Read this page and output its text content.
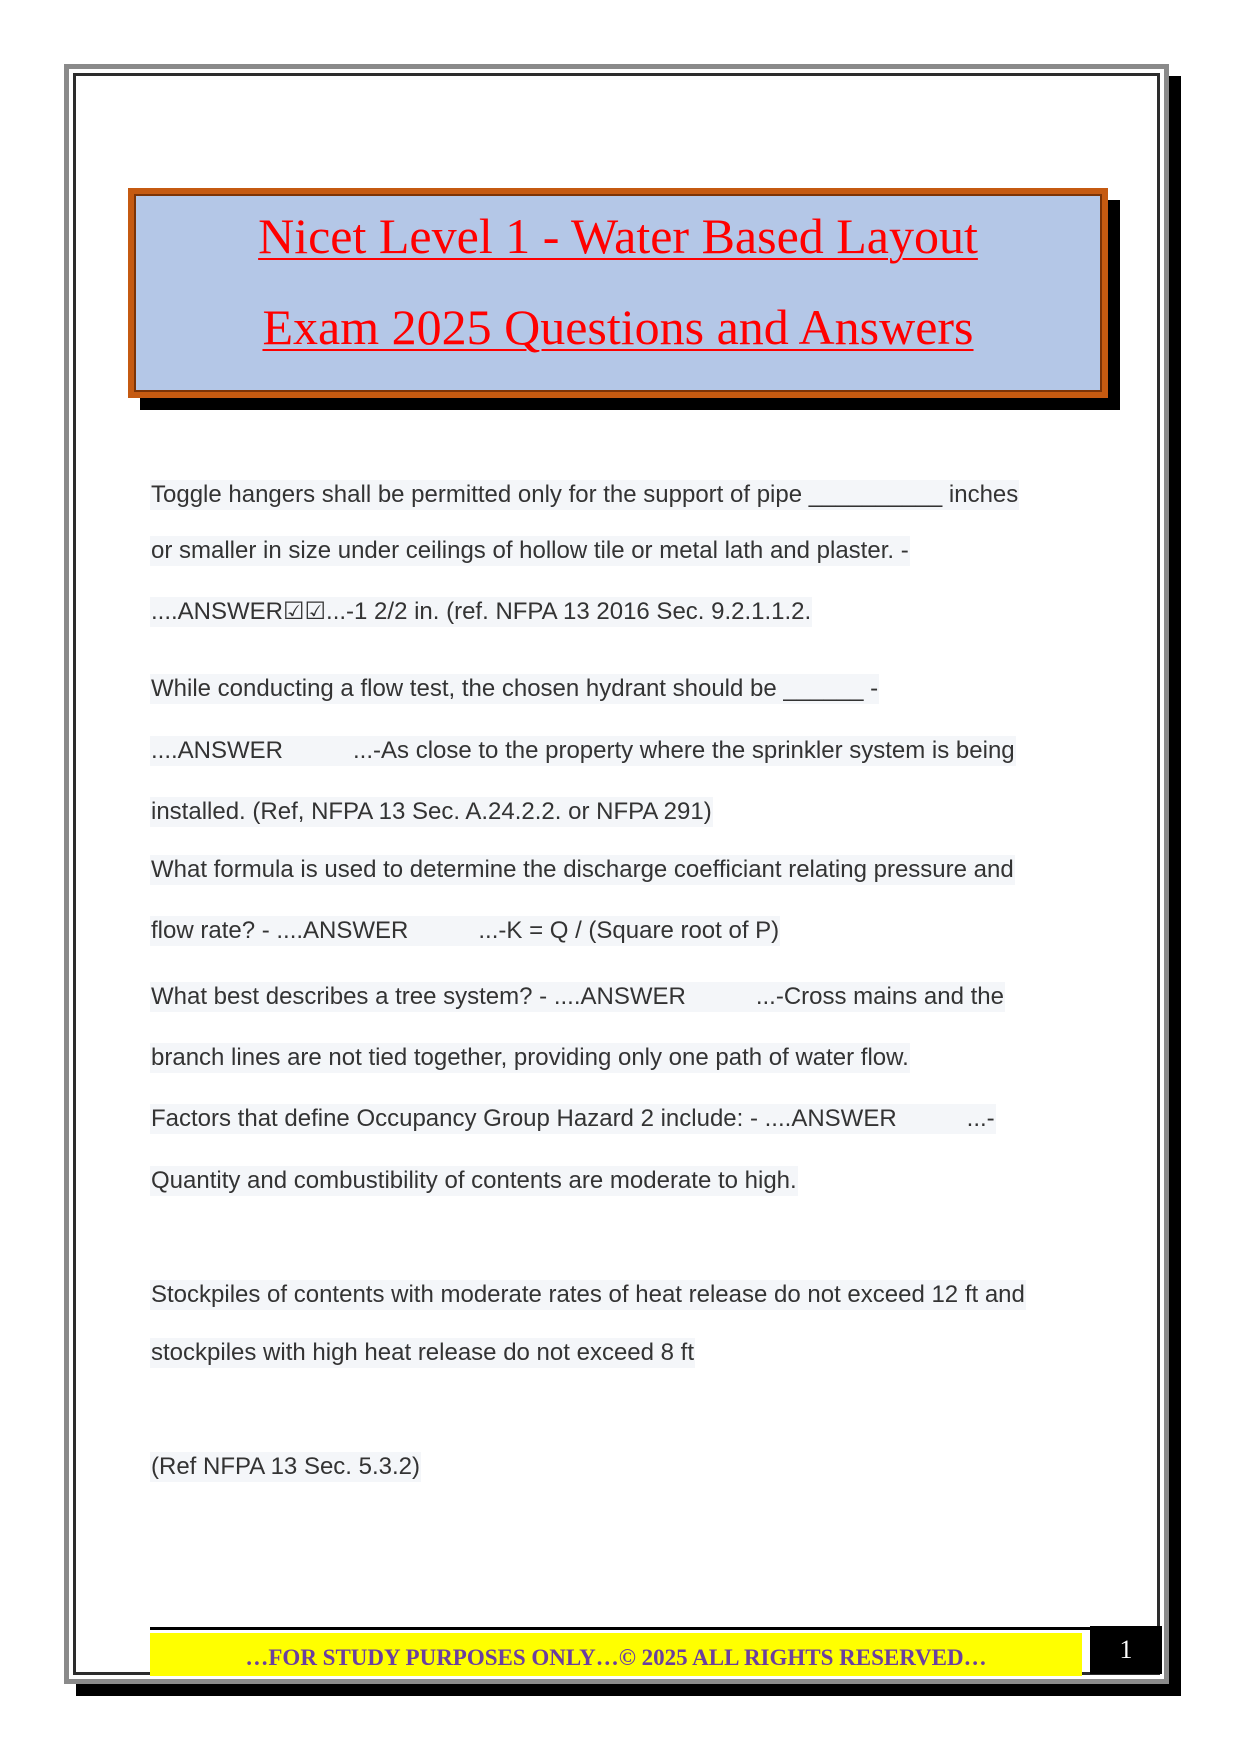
Nicet Level 1 - Water Based Layout
Exam 2025 Questions and Answers
Toggle hangers shall be permitted only for the support of pipe __________ inches
or smaller in size under ceilings of hollow tile or metal lath and plaster. -
....ANSWER☑☑...-1 2/2 in. (ref. NFPA 13 2016 Sec. 9.2.1.1.2.
While conducting a flow test, the chosen hydrant should be ______ -
....ANSWER	...-As close to the property where the sprinkler system is being
installed. (Ref, NFPA 13 Sec. A.24.2.2. or NFPA 291)
What formula is used to determine the discharge coefficiant relating pressure and
flow rate? - ....ANSWER	...-K = Q / (Square root of P)
What best describes a tree system? - ....ANSWER	...-Cross mains and the
branch lines are not tied together, providing only one path of water flow.
Factors that define Occupancy Group Hazard 2 include: - ....ANSWER	...-
Quantity and combustibility of contents are moderate to high.
Stockpiles of contents with moderate rates of heat release do not exceed 12 ft and
stockpiles with high heat release do not exceed 8 ft
(Ref NFPA 13 Sec. 5.3.2)
…FOR STUDY PURPOSES ONLY…© 2025 ALL RIGHTS RESERVED…	1
